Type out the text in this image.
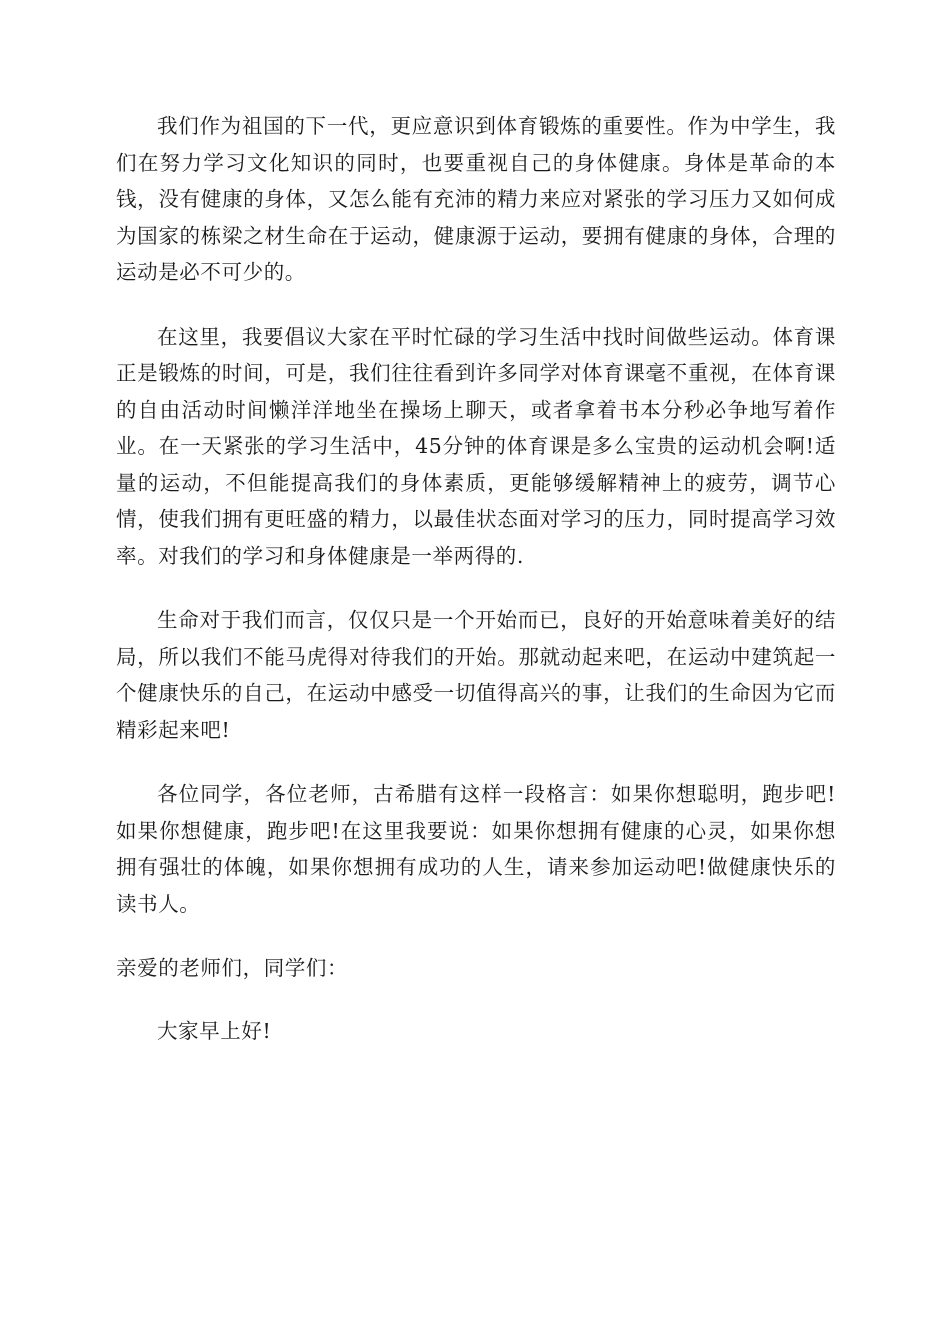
我们作为祖国的下一代，更应意识到体育锻炼的重要性。作为中学生，我们在努力学习文化知识的同时，也要重视自己的身体健康。身体是革命的本钱，没有健康的身体，又怎么能有充沛的精力来应对紧张的学习压力又如何成为国家的栋梁之材生命在于运动，健康源于运动，要拥有健康的身体，合理的运动是必不可少的。

在这里，我要倡议大家在平时忙碌的学习生活中找时间做些运动。体育课正是锻炼的时间，可是，我们往往看到许多同学对体育课毫不重视，在体育课的自由活动时间懒洋洋地坐在操场上聊天，或者拿着书本分秒必争地写着作业。在一天紧张的学习生活中，45分钟的体育课是多么宝贵的运动机会啊!适量的运动，不但能提高我们的身体素质，更能够缓解精神上的疲劳，调节心情，使我们拥有更旺盛的精力，以最佳状态面对学习的压力，同时提高学习效率。对我们的学习和身体健康是一举两得的.

生命对于我们而言，仅仅只是一个开始而已，良好的开始意味着美好的结局，所以我们不能马虎得对待我们的开始。那就动起来吧，在运动中建筑起一个健康快乐的自己，在运动中感受一切值得高兴的事，让我们的生命因为它而精彩起来吧!

各位同学，各位老师，古希腊有这样一段格言：如果你想聪明，跑步吧!如果你想健康，跑步吧!在这里我要说：如果你想拥有健康的心灵，如果你想拥有强壮的体魄，如果你想拥有成功的人生，请来参加运动吧!做健康快乐的读书人。

亲爱的老师们，同学们：

大家早上好!
